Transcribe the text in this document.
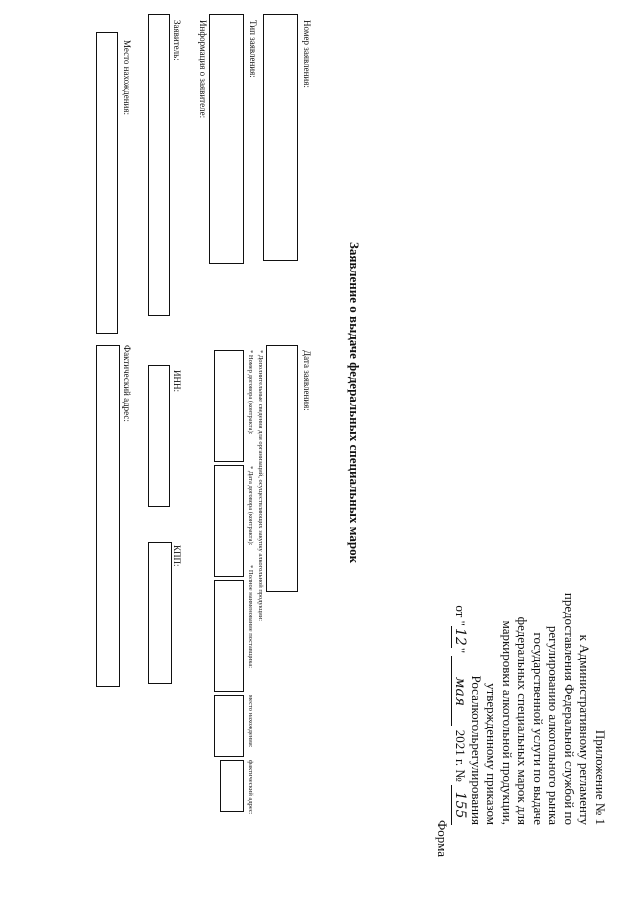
Приложение № 1
к Административному регламенту
предоставления Федеральной службой по
регулированию алкогольного рынка
государственной услуги по выдаче
федеральных специальных марок для
маркировки алкогольной продукции,
утвержденному приказом
Росалкогольрегулирования
от "12" мая 2021 г. № 155
Форма
Заявление о выдаче федеральных специальных марок
Номер заявления:
Дата заявления:
* Дополнительные сведения для организаций, осуществляющих закупку алкогольной продукции:
* Номер договора (контракта):
* Дата договора (контракта):
* Полное наименование поставщика:
место нахождения:
фактический адрес:
Тип заявления:
Информация о заявителе:
Заявитель:
ИНН:
КПП:
Место нахождения:
Фактический адрес:
